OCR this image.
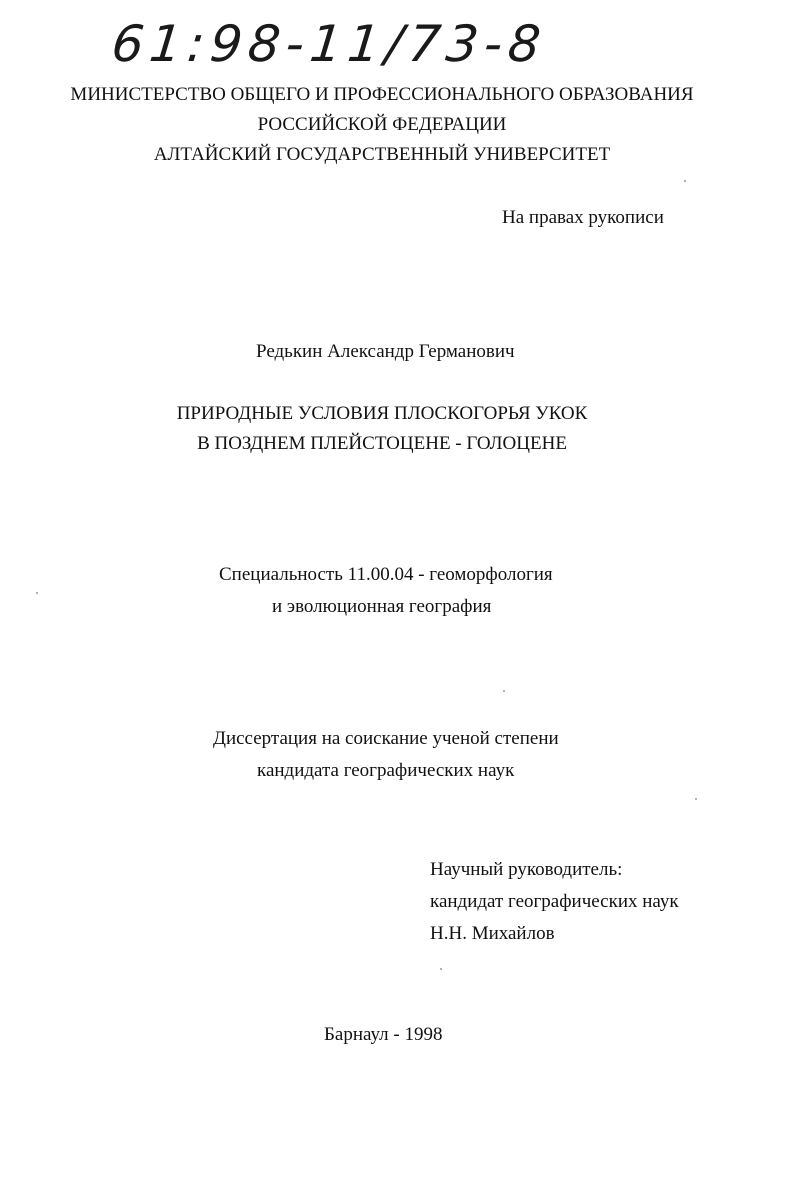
61:98-11/73-8
МИНИСТЕРСТВО ОБЩЕГО И ПРОФЕССИОНАЛЬНОГО ОБРАЗОВАНИЯ
РОССИЙСКОЙ ФЕДЕРАЦИИ
АЛТАЙСКИЙ ГОСУДАРСТВЕННЫЙ УНИВЕРСИТЕТ
На правах рукописи
Редькин Александр Германович
ПРИРОДНЫЕ УСЛОВИЯ ПЛОСКОГОРЬЯ УКОК
В ПОЗДНЕМ ПЛЕЙСТОЦЕНЕ - ГОЛОЦЕНЕ
Специальность 11.00.04 - геоморфология
и эволюционная география
Диссертация на соискание ученой степени
кандидата географических наук
Научный руководитель:
кандидат географических наук
Н.Н. Михайлов
Барнаул - 1998
